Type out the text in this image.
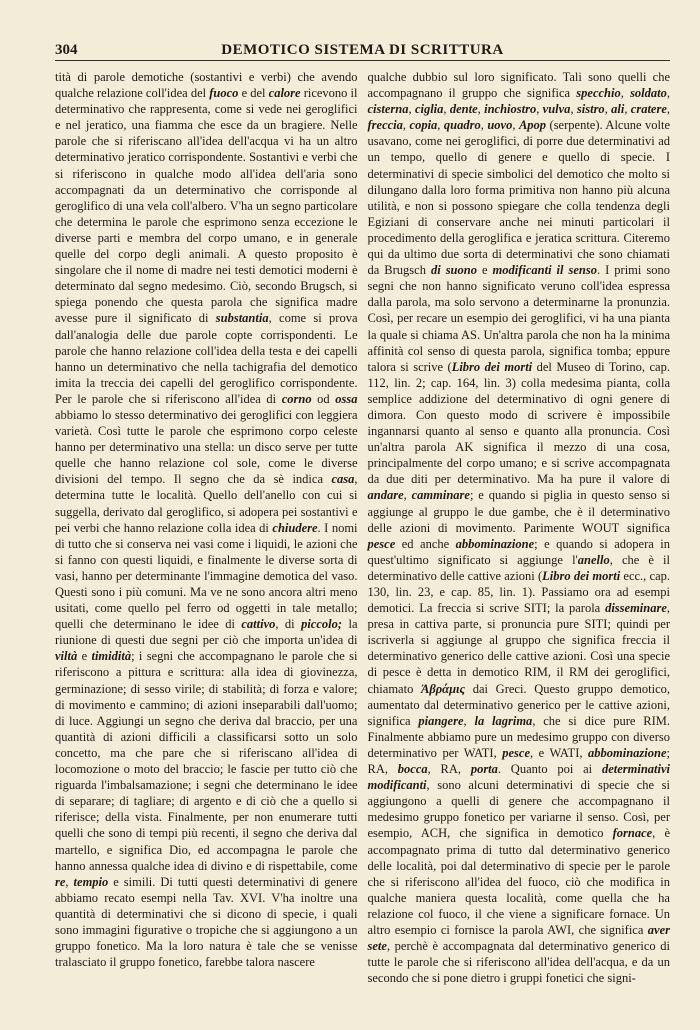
304	DEMOTICO SISTEMA DI SCRITTURA

tità di parole demotiche (sostantivi e verbi) che avendo qualche relazione coll'idea del fuoco e del calore ricevono il determinativo che rappresenta, come si vede nei geroglifici e nel jeratico, una fiamma che esce da un bragiere. Nelle parole che si riferiscano all'idea dell'acqua vi ha un altro determinativo jeratico corrispondente. Sostantivi e verbi che si riferiscono in qualche modo all'idea dell'aria sono accompagnati da un determinativo che corrisponde al geroglifico di una vela coll'albero. V'ha un segno particolare che determina le parole che esprimono senza eccezione le diverse parti e membra del corpo umano, e in generale quelle del corpo degli animali. A questo proposito è singolare che il nome di madre nei testi demotici moderni è determinato dal segno medesimo. Ciò, secondo Brugsch, si spiega ponendo che questa parola che significa madre avesse pure il significato di substantia, come si prova dall'analogia delle due parole copte corrispondenti. Le parole che hanno relazione coll'idea della testa e dei capelli hanno un determinativo che nella tachigrafia del demotico imita la treccia dei capelli del geroglifico corrispondente. Per le parole che si riferiscono all'idea di corno od ossa abbiamo lo stesso determinativo dei geroglifici con leggiera varietà. Così tutte le parole che esprimono corpo celeste hanno per determinativo una stella: un disco serve per tutte quelle che hanno relazione col sole, come le diverse divisioni del tempo. Il segno che da sè indica casa, determina tutte le località. Quello dell'anello con cui si suggella, derivato dal geroglifico, si adopera pei sostantivi e pei verbi che hanno relazione colla idea di chiudere. I nomi di tutto che si conserva nei vasi come i liquidi, le azioni che si fanno con questi liquidi, e finalmente le diverse sorta di vasi, hanno per determinante l'immagine demotica del vaso. Questi sono i più comuni. Ma ve ne sono ancora altri meno usitati, come quello pel ferro od oggetti in tale metallo; quelli che determinano le idee di cattivo, di piccolo; la riunione di questi due segni per ciò che importa un'idea di viltà e timidità; i segni che accompagnano le parole che si riferiscono a pittura e scrittura: alla idea di giovinezza, germinazione; di sesso virile; di stabilità; di forza e valore; di movimento e cammino; di azioni inseparabili dall'uomo; di luce. Aggiungi un segno che deriva dal braccio, per una quantità di azioni difficili a classificarsi sotto un solo concetto, ma che pare che si riferiscano all'idea di locomozione o moto del braccio; le fascie per tutto ciò che riguarda l'imbalsamazione; i segni che determinano le idee di separare; di tagliare; di argento e di ciò che a quello si riferisce; della vista. Finalmente, per non enumerare tutti quelli che sono di tempi più recenti, il segno che deriva dal martello, e significa Dio, ed accompagna le parole che hanno annessa qualche idea di divino e di rispettabile, come re, tempio e simili. Di tutti questi determinativi di genere abbiamo recato esempi nella Tav. XVI. V'ha inoltre una quantità di determinativi che si dicono di specie, i quali sono immagini figurative o tropiche che si aggiungono a un gruppo fonetico. Ma la loro natura è tale che se venisse tralasciato il gruppo fonetico, farebbe talora nascere

qualche dubbio sul loro significato. Tali sono quelli che accompagnano il gruppo che significa specchio, soldato, cisterna, ciglia, dente, inchiostro, vulva, sistro, ali, cratere, freccia, copia, quadro, uovo, Apop (serpente). Alcune volte usavano, come nei geroglifici, di porre due determinativi ad un tempo, quello di genere e quello di specie. I determinativi di specie simbolici del demotico che molto si dilungano dalla loro forma primitiva non hanno più alcuna utilità, e non si possono spiegare che colla tendenza degli Egiziani di conservare anche nei minuti particolari il procedimento della geroglifica e jeratica scrittura. Citeremo qui da ultimo due sorta di determinativi che sono chiamati da Brugsch di suono e modificanti il senso. I primi sono segni che non hanno significato veruno coll'idea espressa dalla parola, ma solo servono a determinarne la pronunzia. Così, per recare un esempio dei geroglifici, vi ha una pianta la quale si chiama AS. Un'altra parola che non ha la minima affinità col senso di questa parola, significa tomba; eppure talora si scrive (Libro dei morti del Museo di Torino, cap. 112, lin. 2; cap. 164, lin. 3) colla medesima pianta, colla semplice addizione del determinativo di ogni genere di dimora. Con questo modo di scrivere è impossibile ingannarsi quanto al senso e quanto alla pronuncia. Così un'altra parola AK significa il mezzo di una cosa, principalmente del corpo umano; e si scrive accompagnata da due diti per determinativo. Ma ha pure il valore di andare, camminare; e quando si piglia in questo senso si aggiunge al gruppo le due gambe, che è il determinativo delle azioni di movimento. Parimente WOUT significa pesce ed anche abbominazione; e quando si adopera in quest'ultimo significato si aggiunge l'anello, che è il determinativo delle cattive azioni (Libro dei morti ecc., cap. 130, lin. 23, e cap. 85, lin. 1). Passiamo ora ad esempi demotici. La freccia si scrive SITI; la parola disseminare, presa in cattiva parte, si pronuncia pure SITI; quindi per iscriverla si aggiunge al gruppo che significa freccia il determinativo generico delle cattive azioni. Così una specie di pesce è detta in demotico RIM, il RM dei geroglifici, chiamato Ἀβράμις dai Greci. Questo gruppo demotico, aumentato dal determinativo generico per le cattive azioni, significa piangere, la lagrima, che si dice pure RIM. Finalmente abbiamo pure un medesimo gruppo con diverso determinativo per WATI, pesce, e WATI, abbominazione; RA, bocca, RA, porta. Quanto poi ai determinativi modificanti, sono alcuni determinativi di specie che si aggiungono a quelli di genere che accompagnano il medesimo gruppo fonetico per variarne il senso. Così, per esempio, ACH, che significa in demotico fornace, è accompagnato prima di tutto dal determinativo generico delle località, poi dal determinativo di specie per le parole che si riferiscono all'idea del fuoco, ciò che modifica in qualche maniera questa località, come quella che ha relazione col fuoco, il che viene a significare fornace. Un altro esempio ci fornisce la parola AWI, che significa aver sete, perchè è accompagnata dal determinativo generico di tutte le parole che si riferiscono all'idea dell'acqua, e da un secondo che si pone dietro i gruppi fonetici che signi-
